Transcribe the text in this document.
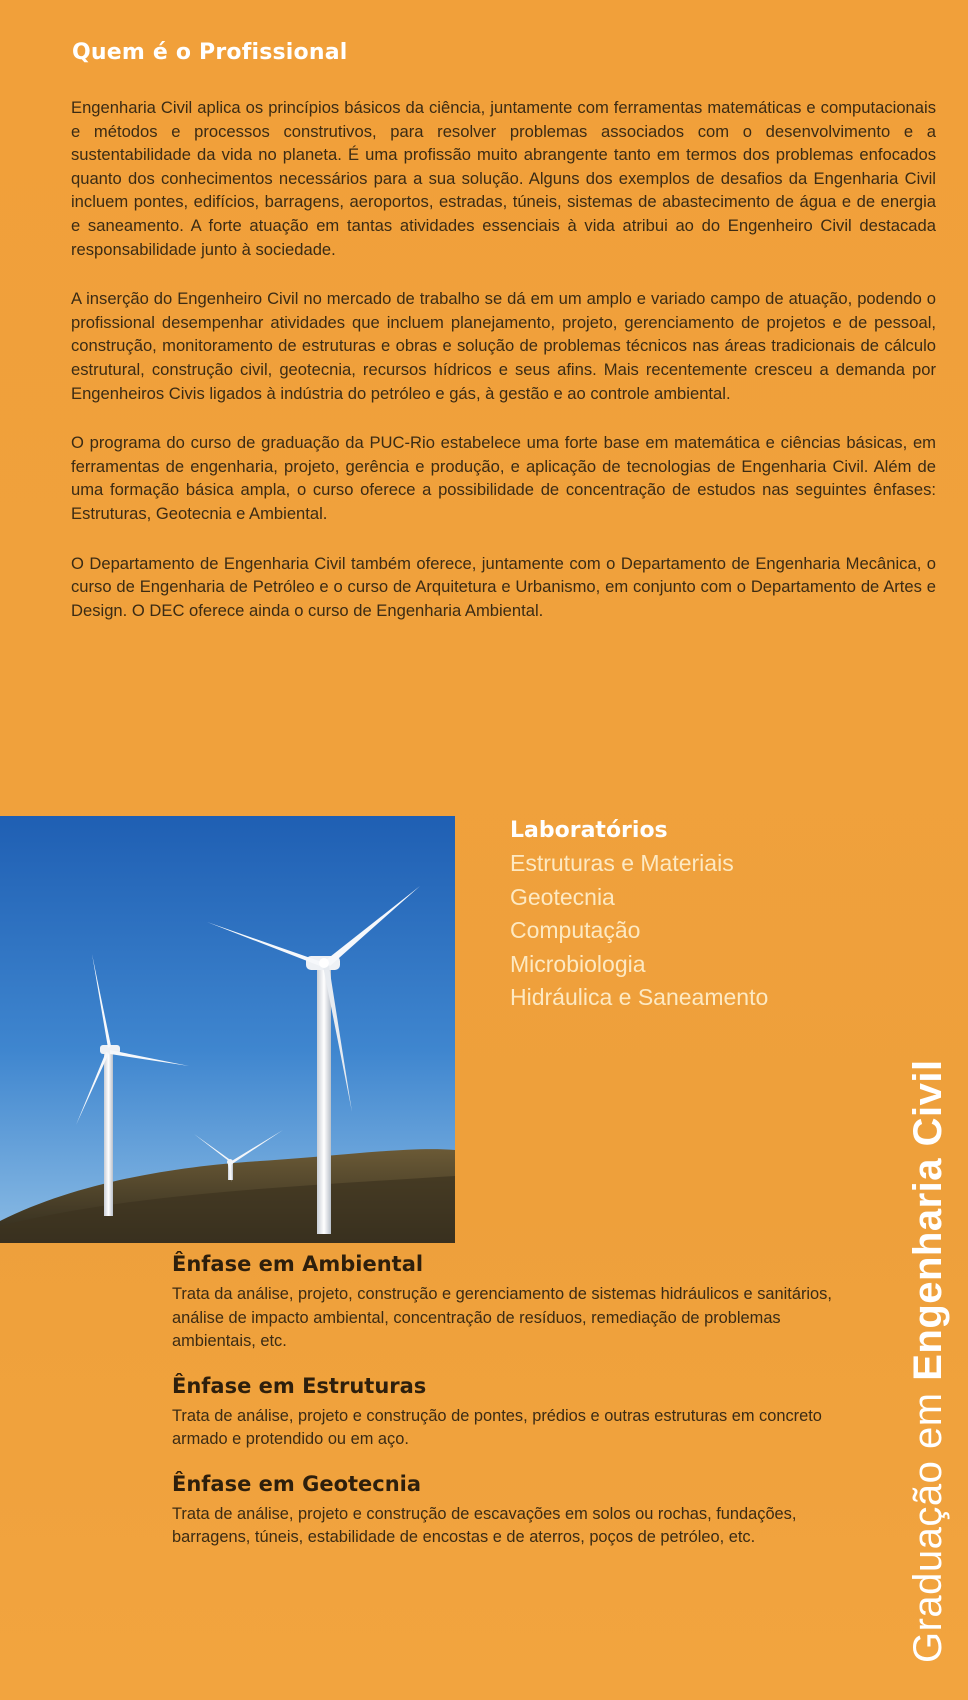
Quem é o Profissional

Engenharia Civil aplica os princípios básicos da ciência, juntamente com ferramentas matemáticas e computacionais e métodos e processos construtivos, para resolver problemas associados com o desenvolvimento e a sustentabilidade da vida no planeta. É uma profissão muito abrangente tanto em termos dos problemas enfocados quanto dos conhecimentos necessários para a sua solução. Alguns dos exemplos de desafios da Engenharia Civil incluem pontes, edifícios, barragens, aeroportos, estradas, túneis, sistemas de abastecimento de água e de energia e saneamento. A forte atuação em tantas atividades essenciais à vida atribui ao do Engenheiro Civil destacada responsabilidade junto à sociedade.

A inserção do Engenheiro Civil no mercado de trabalho se dá em um amplo e variado campo de atuação, podendo o profissional desempenhar atividades que incluem planejamento, projeto, gerenciamento de projetos e de pessoal, construção, monitoramento de estruturas e obras e solução de problemas técnicos nas áreas tradicionais de cálculo estrutural, construção civil, geotecnia, recursos hídricos e seus afins. Mais recentemente cresceu a demanda por Engenheiros Civis ligados à indústria do petróleo e gás, à gestão e ao controle ambiental.

O programa do curso de graduação da PUC-Rio estabelece uma forte base em matemática e ciências básicas, em ferramentas de engenharia, projeto, gerência e produção, e aplicação de tecnologias de Engenharia Civil. Além de uma formação básica ampla, o curso oferece a possibilidade de concentração de estudos nas seguintes ênfases: Estruturas, Geotecnia e Ambiental.

O Departamento de Engenharia Civil também oferece, juntamente com o Departamento de Engenharia Mecânica, o curso de Engenharia de Petróleo e o curso de Arquitetura e Urbanismo, em conjunto com o Departamento de Artes e Design. O DEC oferece ainda o curso de Engenharia Ambiental.

Laboratórios
Estruturas e Materiais
Geotecnia
Computação
Microbiologia
Hidráulica e Saneamento
Graduação em Engenharia Civil
Ênfase em Ambiental

Trata da análise, projeto, construção e gerenciamento de sistemas hidráulicos e sanitários, análise de impacto ambiental, concentração de resíduos, remediação de problemas ambientais, etc.

Ênfase em Estruturas

Trata de análise, projeto e construção de pontes, prédios e outras estruturas em concreto armado e protendido ou em aço.

Ênfase em Geotecnia

Trata de análise, projeto e construção de escavações em solos ou rochas, fundações, barragens, túneis, estabilidade de encostas e de aterros, poços de petróleo, etc.
